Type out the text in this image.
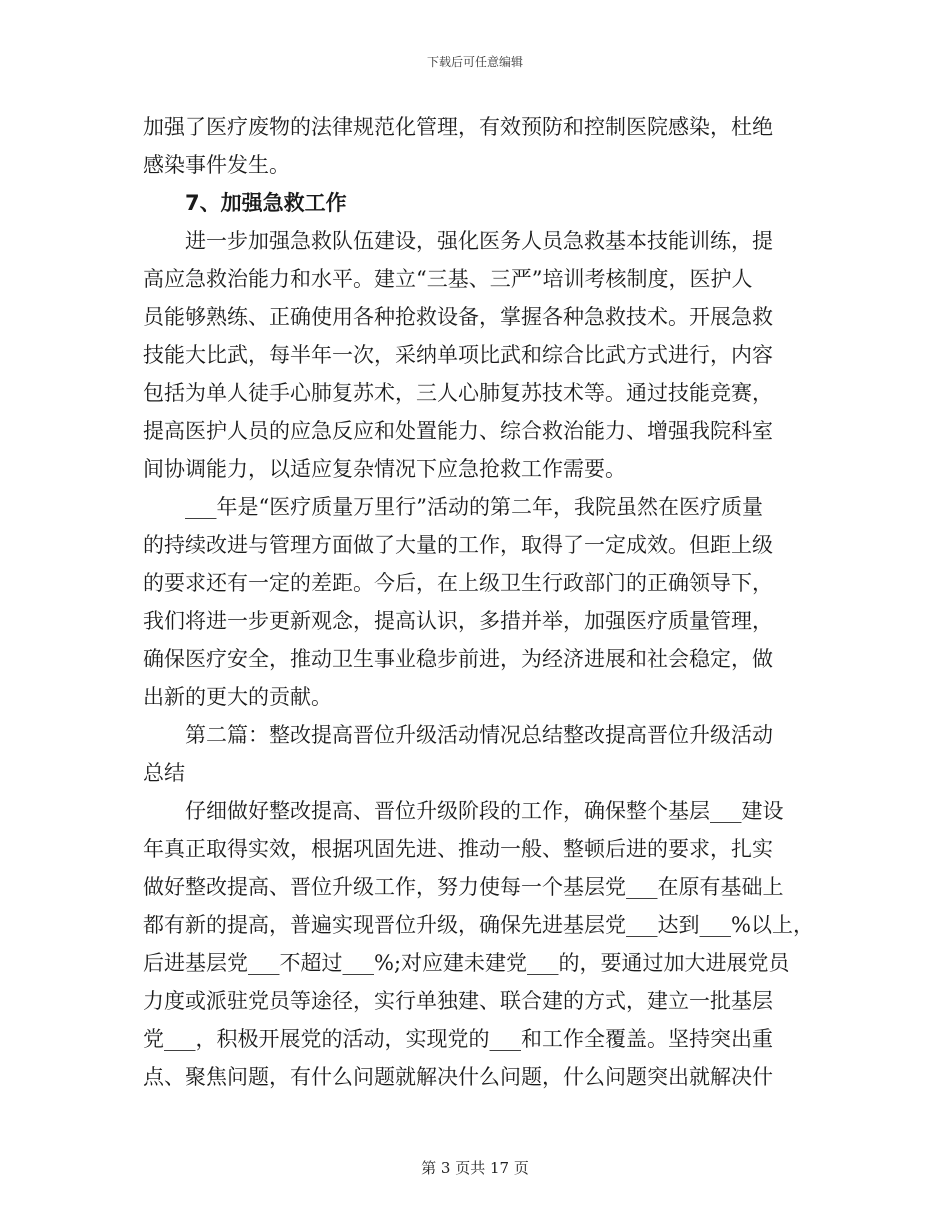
下载后可任意编辑
加强了医疗废物的法律规范化管理，有效预防和控制医院感染，杜绝
感染事件发生。
7、加强急救工作
进一步加强急救队伍建设，强化医务人员急救基本技能训练，提
高应急救治能力和水平。建立“三基、三严”培训考核制度，医护人
员能够熟练、正确使用各种抢救设备，掌握各种急救技术。开展急救
技能大比武，每半年一次，采纳单项比武和综合比武方式进行，内容
包括为单人徒手心肺复苏术，三人心肺复苏技术等。通过技能竞赛，
提高医护人员的应急反应和处置能力、综合救治能力、增强我院科室
间协调能力，以适应复杂情况下应急抢救工作需要。
___年是“医疗质量万里行”活动的第二年，我院虽然在医疗质量
的持续改进与管理方面做了大量的工作，取得了一定成效。但距上级
的要求还有一定的差距。今后，在上级卫生行政部门的正确领导下，
我们将进一步更新观念，提高认识，多措并举，加强医疗质量管理，
确保医疗安全，推动卫生事业稳步前进，为经济进展和社会稳定，做
出新的更大的贡献。
第二篇：整改提高晋位升级活动情况总结整改提高晋位升级活动
总结
仔细做好整改提高、晋位升级阶段的工作，确保整个基层___建设
年真正取得实效，根据巩固先进、推动一般、整顿后进的要求，扎实
做好整改提高、晋位升级工作，努力使每一个基层党___在原有基础上
都有新的提高，普遍实现晋位升级，确保先进基层党___达到___%以上，
后进基层党___不超过___%;对应建未建党___的，要通过加大进展党员
力度或派驻党员等途径，实行单独建、联合建的方式，建立一批基层
党___，积极开展党的活动，实现党的___和工作全覆盖。坚持突出重
点、聚焦问题，有什么问题就解决什么问题，什么问题突出就解决什
第 3 页共 17 页
